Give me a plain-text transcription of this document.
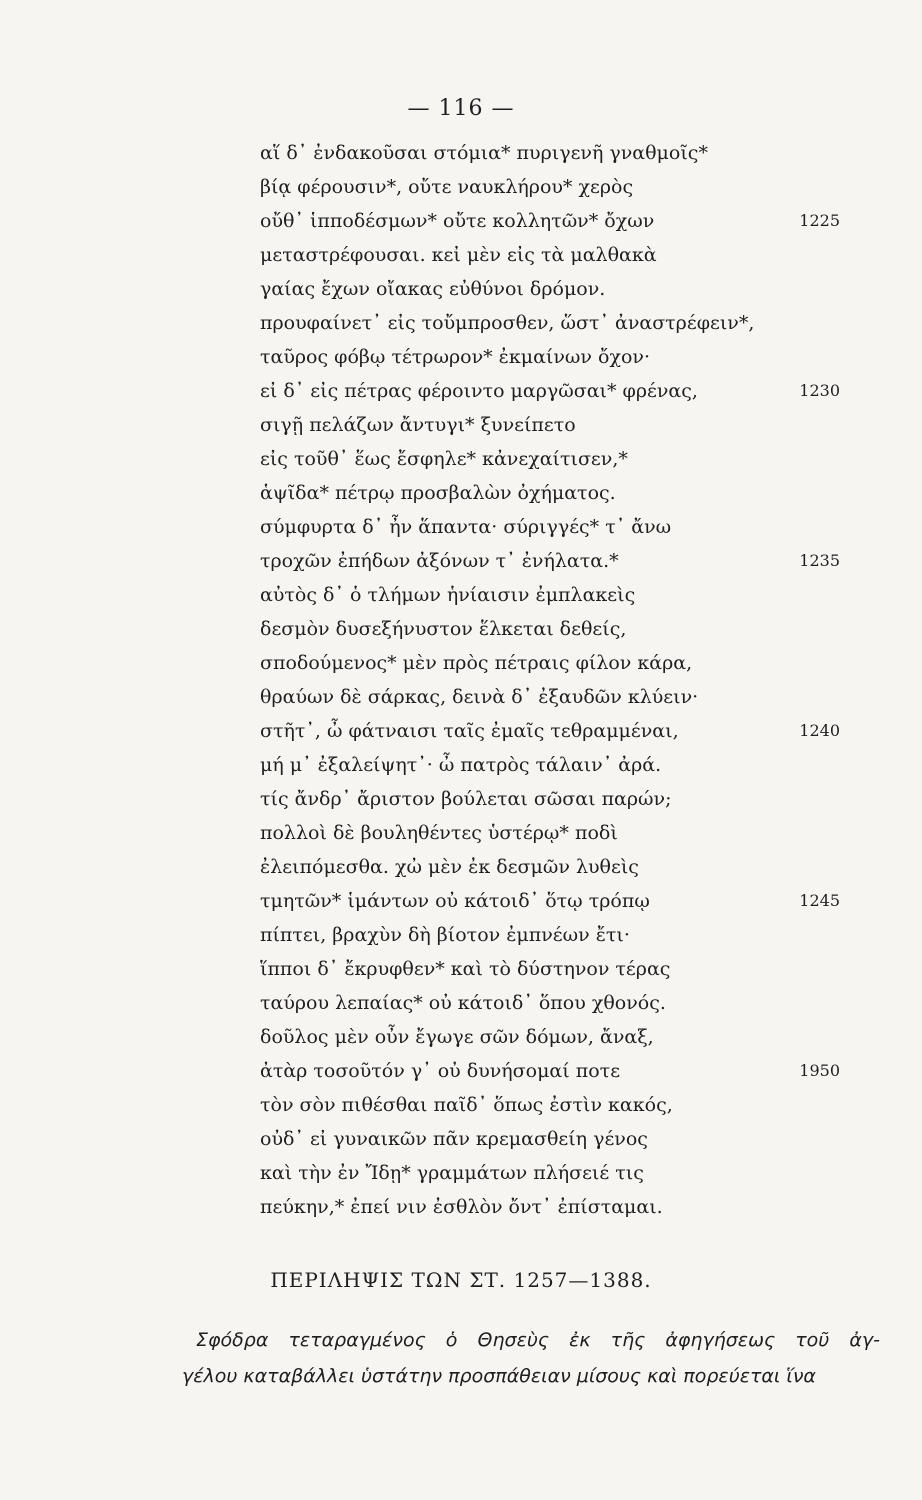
— 116 —
αἵ δ᾽ ἐνδακοῦσαι στόμια* πυριγενῆ γναθμοῖς*
βίᾳ φέρουσιν*, οὔτε ναυκλήρου* χερὸς
οὔθ᾽ ἱπποδέσμων* οὔτε κολλητῶν* ὄχων
μεταστρέφουσαι. κεἰ μὲν εἰς τὰ μαλθακὰ
γαίας ἔχων οἴακας εὐθύνοι δρόμον.
προυφαίνετ᾽ εἰς τοὔμπροσθεν, ὥστ᾽ ἀναστρέφειν*,
ταῦρος φόβῳ τέτρωρον* ἐκμαίνων ὄχον·
εἰ δ᾽ εἰς πέτρας φέροιντο μαργῶσαι* φρένας,
σιγῇ πελάζων ἄντυγι* ξυνείπετο
εἰς τοῦθ᾽ ἕως ἔσφηλε* κἀνεχαίτισεν,*
ἁψῖδα* πέτρῳ προσβαλὼν ὀχήματος.
σύμφυρτα δ᾽ ἦν ἅπαντα· σύριγγές* τ᾽ ἄνω
τροχῶν ἐπήδων ἀξόνων τ᾽ ἐνήλατα.*
αὐτὸς δ᾽ ὁ τλήμων ἡνίαισιν ἐμπλακεὶς
δεσμὸν δυσεξήνυστον ἕλκεται δεθείς,
σποδούμενος* μὲν πρὸς πέτραις φίλον κάρα,
θραύων δὲ σάρκας, δεινὰ δ᾽ ἐξαυδῶν κλύειν·
στῆτ᾽, ὦ φάτναισι ταῖς ἐμαῖς τεθραμμέναι,
μή μ᾽ ἐξαλείψητ᾽· ὦ πατρὸς τάλαιν᾽ ἀρά.
τίς ἄνδρ᾽ ἄριστον βούλεται σῶσαι παρών;
πολλοὶ δὲ βουληθέντες ὑστέρῳ* ποδὶ
ἐλειπόμεσθα. χὠ μὲν ἐκ δεσμῶν λυθεὶς
τμητῶν* ἱμάντων οὐ κάτοιδ᾽ ὅτῳ τρόπῳ
πίπτει, βραχὺν δὴ βίοτον ἐμπνέων ἔτι·
ἵπποι δ᾽ ἔκρυφθεν* καὶ τὸ δύστηνον τέρας
ταύρου λεπαίας* οὐ κάτοιδ᾽ ὅπου χθονός.
δοῦλος μὲν οὖν ἔγωγε σῶν δόμων, ἄναξ,
ἀτὰρ τοσοῦτόν γ᾽ οὐ δυνήσομαί ποτε
τὸν σὸν πιθέσθαι παῖδ᾽ ὅπως ἐστὶν κακός,
οὐδ᾽ εἰ γυναικῶν πᾶν κρεμασθείη γένος
καὶ τὴν ἐν Ἴδῃ* γραμμάτων πλήσειέ τις
πεύκην,* ἐπεί νιν ἐσθλὸν ὄντ᾽ ἐπίσταμαι.
1225
1230
1235
1240
1245
1950
ΠΕΡΙΛΗΨΙΣ ΤΩΝ ΣΤ. 1257—1388.
Σφόδρα τεταραγμένος ὁ Θησεὺς ἐκ τῆς ἀφηγήσεως τοῦ ἀγ-
γέλου καταβάλλει ὑστάτην προσπάθειαν μίσους καὶ πορεύεται ἵνα
